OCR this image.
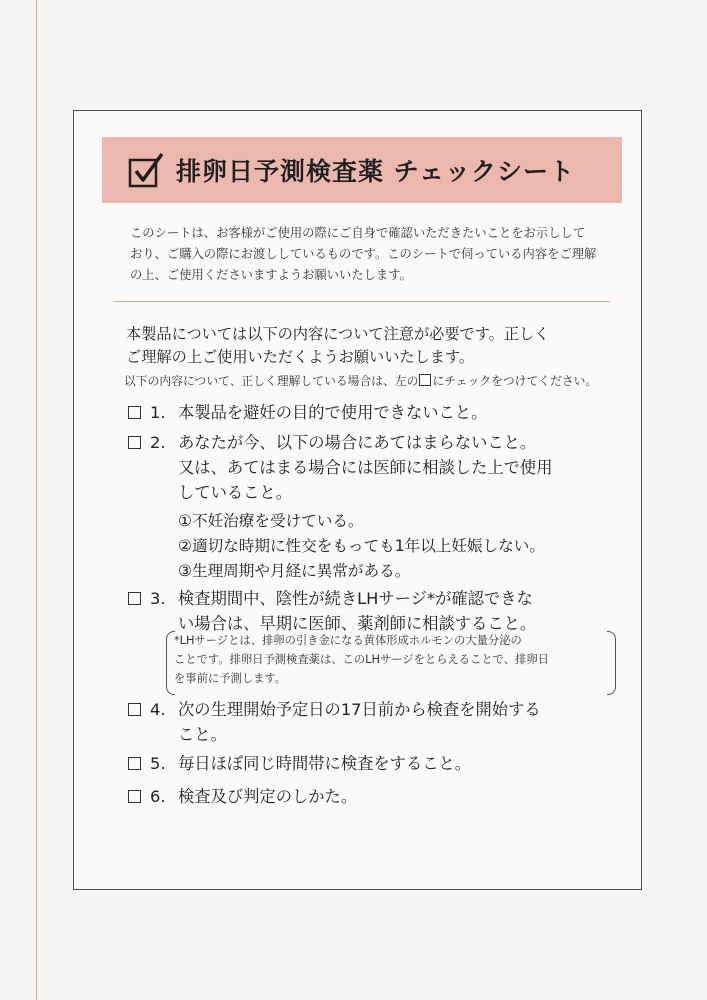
排卵日予測検査薬 チェックシート

このシートは、お客様がご使用の際にご自身で確認いただきたいことをお示しして
おり、ご購入の際にお渡ししているものです。このシートで伺っている内容をご理解
の上、ご使用くださいますようお願いいたします。

本製品については以下の内容について注意が必要です。正しく
ご理解の上ご使用いただくようお願いいたします。

以下の内容について、正しく理解している場合は、左の にチェックをつけてください。

1. 本製品を避妊の目的で使用できないこと。
2. あなたが今、以下の場合にあてはまらないこと。
又は、あてはまる場合には医師に相談した上で使用
していること。
①不妊治療を受けている。
②適切な時期に性交をもっても1年以上妊娠しない。
③生理周期や月経に異常がある。
3. 検査期間中、陰性が続きLHサージ*が確認できな
い場合は、早期に医師、薬剤師に相談すること。
*LHサージとは、排卵の引き金になる黄体形成ホルモンの大量分泌の
ことです。排卵日予測検査薬は、このLHサージをとらえることで、排卵日
を事前に予測します。
4. 次の生理開始予定日の17日前から検査を開始する
こと。
5. 毎日ほぼ同じ時間帯に検査をすること。
6. 検査及び判定のしかた。
